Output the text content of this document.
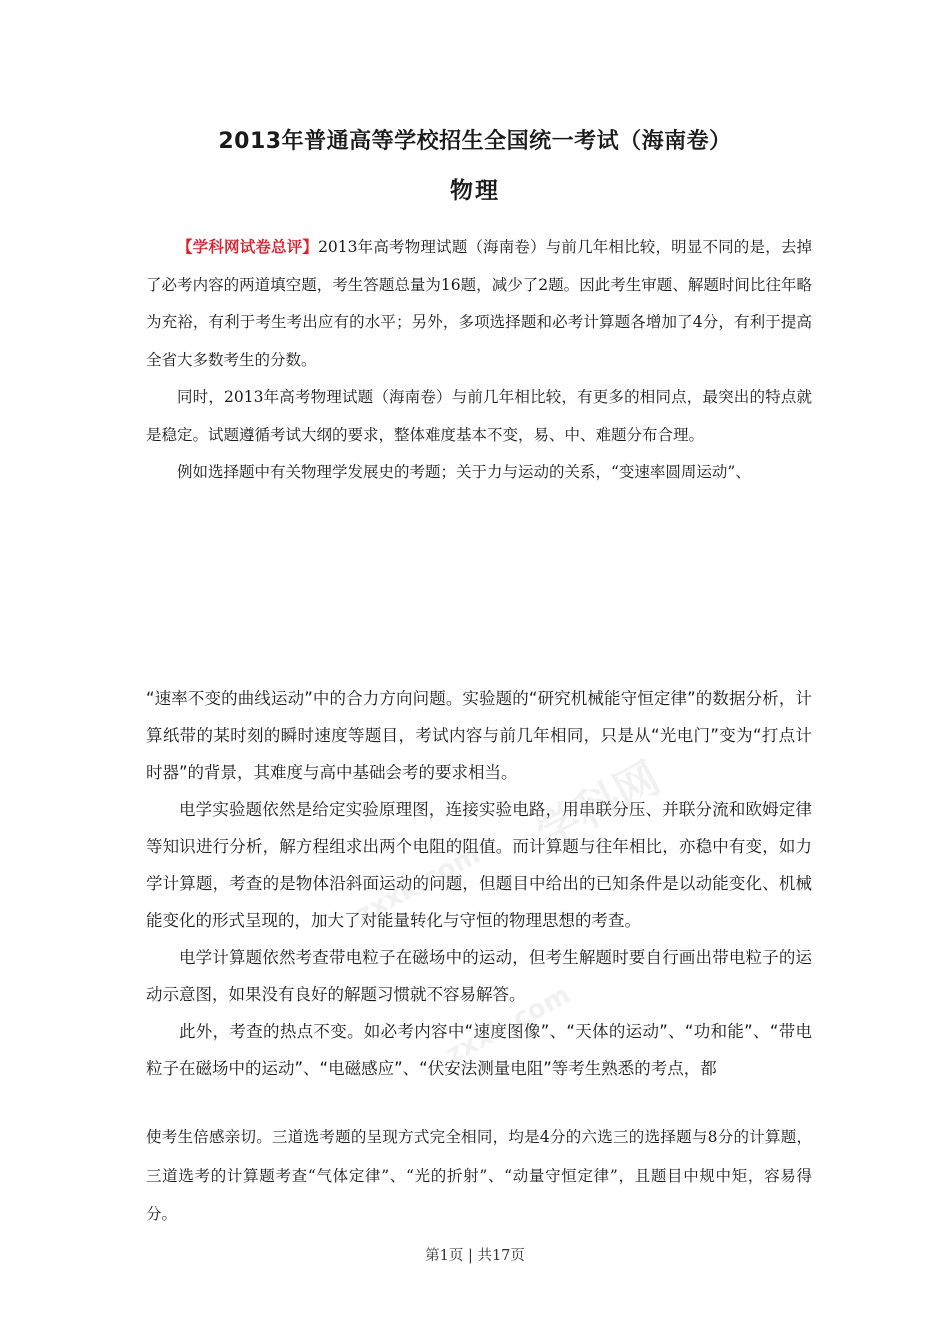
2013年普通高等学校招生全国统一考试（海南卷）
物理

【学科网试卷总评】2013年高考物理试题（海南卷）与前几年相比较，明显不同的是，去掉了必考内容的两道填空题，考生答题总量为16题，减少了2题。因此考生审题、解题时间比往年略为充裕，有利于考生考出应有的水平；另外，多项选择题和必考计算题各增加了4分，有利于提高全省大多数考生的分数。

同时，2013年高考物理试题（海南卷）与前几年相比较，有更多的相同点，最突出的特点就是稳定。试题遵循考试大纲的要求，整体难度基本不变，易、中、难题分布合理。

例如选择题中有关物理学发展史的考题；关于力与运动的关系，“变速率圆周运动”、

“速率不变的曲线运动”中的合力方向问题。实验题的“研究机械能守恒定律”的数据分析，计算纸带的某时刻的瞬时速度等题目，考试内容与前几年相同，只是从“光电门”变为“打点计时器”的背景，其难度与高中基础会考的要求相当。

电学实验题依然是给定实验原理图，连接实验电路，用串联分压、并联分流和欧姆定律等知识进行分析，解方程组求出两个电阻的阻值。而计算题与往年相比，亦稳中有变，如力学计算题，考查的是物体沿斜面运动的问题，但题目中给出的已知条件是以动能变化、机械能变化的形式呈现的，加大了对能量转化与守恒的物理思想的考查。

电学计算题依然考查带电粒子在磁场中的运动，但考生解题时要自行画出带电粒子的运动示意图，如果没有良好的解题习惯就不容易解答。

此外，考查的热点不变。如必考内容中“速度图像”、“天体的运动”、“功和能”、“带电粒子在磁场中的运动”、“电磁感应”、“伏安法测量电阻”等考生熟悉的考点，都

学科网
zxxk.com
zxxk.com

使考生倍感亲切。三道选考题的呈现方式完全相同，均是4分的六选三的选择题与8分的计算题，三道选考的计算题考查“气体定律”、“光的折射”、“动量守恒定律”，且题目中规中矩，容易得分。

第1页 | 共17页
